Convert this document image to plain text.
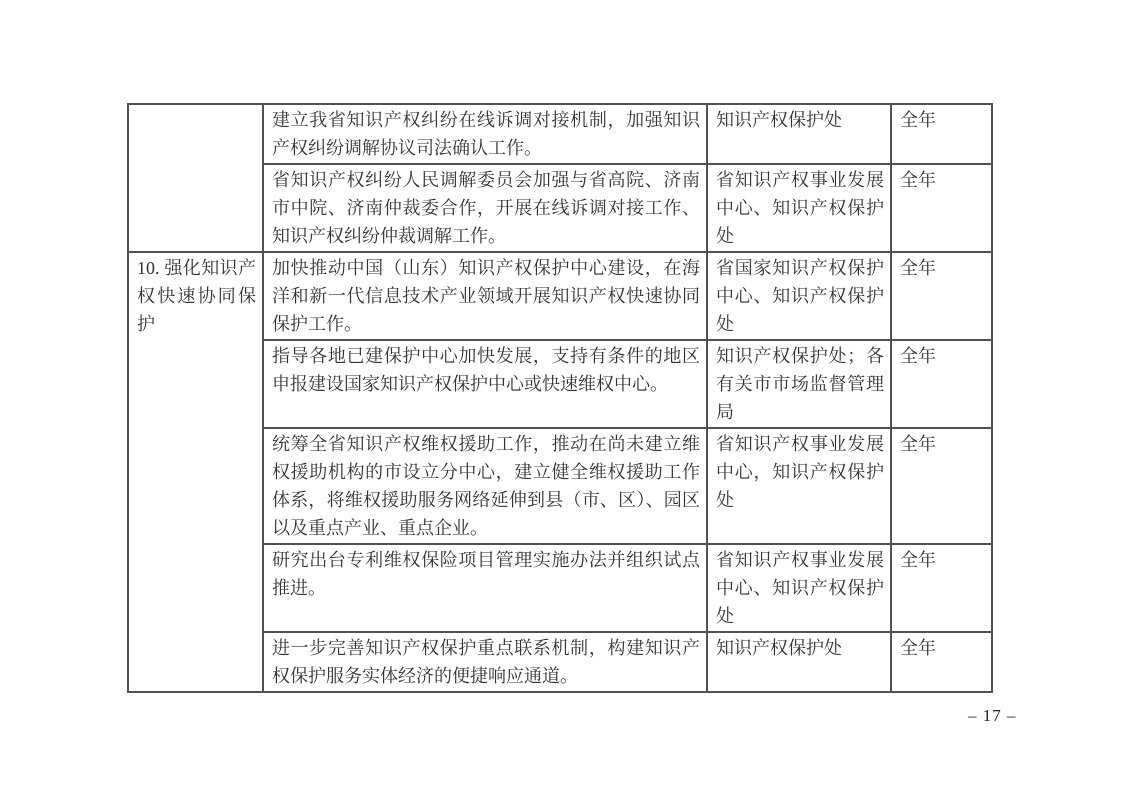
	建立我省知识产权纠纷在线诉调对接机制，加强知识产权纠纷调解协议司法确认工作。	知识产权保护处	全年
	省知识产权纠纷人民调解委员会加强与省高院、济南市中院、济南仲裁委合作，开展在线诉调对接工作、知识产权纠纷仲裁调解工作。	省知识产权事业发展中心、知识产权保护处	全年
10. 强化知识产权快速协同保护	加快推动中国（山东）知识产权保护中心建设，在海洋和新一代信息技术产业领域开展知识产权快速协同保护工作。	省国家知识产权保护中心、知识产权保护处	全年
	指导各地已建保护中心加快发展，支持有条件的地区申报建设国家知识产权保护中心或快速维权中心。	知识产权保护处；各有关市市场监督管理局	全年
	统筹全省知识产权维权援助工作，推动在尚未建立维权援助机构的市设立分中心，建立健全维权援助工作体系，将维权援助服务网络延伸到县（市、区）、园区以及重点产业、重点企业。	省知识产权事业发展中心，知识产权保护处	全年
	研究出台专利维权保险项目管理实施办法并组织试点推进。	省知识产权事业发展中心、知识产权保护处	全年
	进一步完善知识产权保护重点联系机制，构建知识产权保护服务实体经济的便捷响应通道。	知识产权保护处	全年
– 17 –
